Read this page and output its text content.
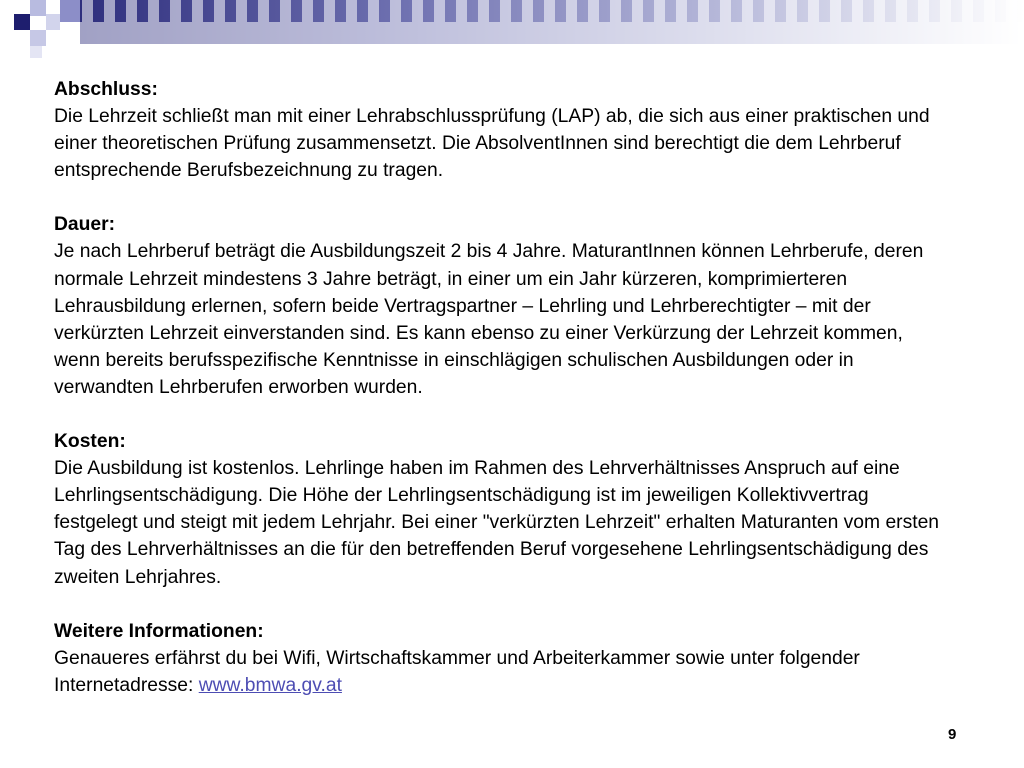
Abschluss:
Die Lehrzeit schließt man mit einer Lehrabschlussprüfung (LAP) ab, die sich aus einer praktischen und einer theoretischen Prüfung zusammensetzt. Die AbsolventInnen sind berechtigt die dem Lehrberuf entsprechende Berufsbezeichnung zu tragen.
Dauer:
Je nach Lehrberuf beträgt die Ausbildungszeit 2 bis 4 Jahre. MaturantInnen können Lehrberufe, deren normale Lehrzeit mindestens 3 Jahre beträgt, in einer um ein Jahr kürzeren, komprimierteren Lehrausbildung erlernen, sofern beide Vertragspartner – Lehrling und Lehrberechtigter – mit der verkürzten Lehrzeit einverstanden sind. Es kann ebenso zu einer Verkürzung der Lehrzeit kommen, wenn bereits berufsspezifische Kenntnisse in einschlägigen schulischen Ausbildungen oder in verwandten Lehrberufen erworben wurden.
Kosten:
Die Ausbildung ist kostenlos. Lehrlinge haben im Rahmen des Lehrverhältnisses Anspruch auf eine Lehrlingsentschädigung. Die Höhe der Lehrlingsentschädigung ist im jeweiligen Kollektivvertrag festgelegt und steigt mit jedem Lehrjahr. Bei einer "verkürzten Lehrzeit" erhalten Maturanten vom ersten Tag des Lehrverhältnisses an die für den betreffenden Beruf vorgesehene Lehrlingsentschädigung des zweiten Lehrjahres.
Weitere Informationen:
Genaueres erfährst du bei Wifi, Wirtschaftskammer und Arbeiterkammer sowie unter folgender Internetadresse: www.bmwa.gv.at
9
